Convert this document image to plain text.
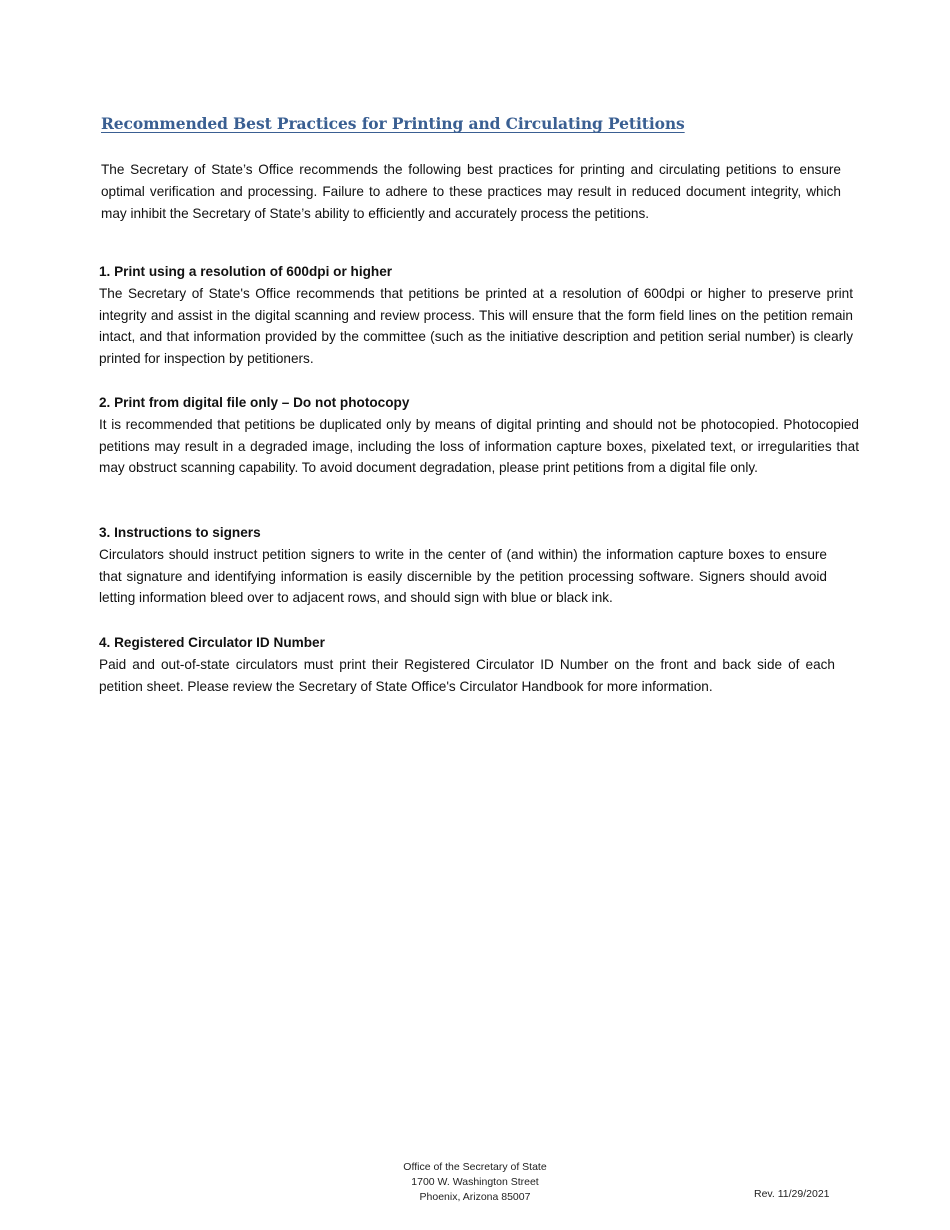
Recommended Best Practices for Printing and Circulating Petitions

The Secretary of State’s Office recommends the following best practices for printing and circulating petitions to ensure optimal verification and processing. Failure to adhere to these practices may result in reduced document integrity, which may inhibit the Secretary of State’s ability to efficiently and accurately process the petitions.

1. Print using a resolution of 600dpi or higher

The Secretary of State's Office recommends that petitions be printed at a resolution of 600dpi or higher to preserve print integrity and assist in the digital scanning and review process. This will ensure that the form field lines on the petition remain intact, and that information provided by the committee (such as the initiative description and petition serial number) is clearly printed for inspection by petitioners.

2. Print from digital file only – Do not photocopy

It is recommended that petitions be duplicated only by means of digital printing and should not be photocopied. Photocopied petitions may result in a degraded image, including the loss of information capture boxes, pixelated text, or irregularities that may obstruct scanning capability. To avoid document degradation, please print petitions from a digital file only.

3. Instructions to signers

Circulators should instruct petition signers to write in the center of (and within) the information capture boxes to ensure that signature and identifying information is easily discernible by the petition processing software. Signers should avoid letting information bleed over to adjacent rows, and should sign with blue or black ink.

4. Registered Circulator ID Number

Paid and out-of-state circulators must print their Registered Circulator ID Number on the front and back side of each petition sheet. Please review the Secretary of State Office's Circulator Handbook for more information.

Office of the Secretary of State
1700 W. Washington Street
Phoenix, Arizona 85007	Rev. 11/29/2021
